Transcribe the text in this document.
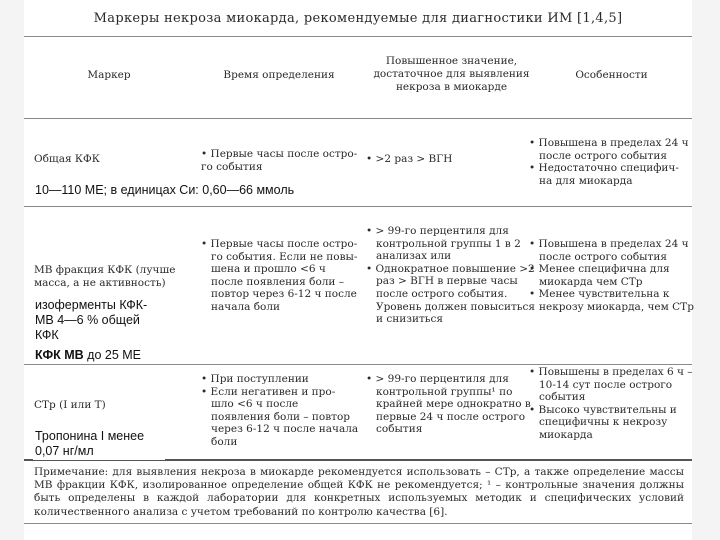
Маркеры некроза миокарда, рекомендуемые для диагностики ИМ [1,4,5]
Маркер	Время определения
Повышенное значение,
достаточное для выявления
некроза в миокарде
Особенности
Общая КФК	• Первые часы после остро-
го события
• >2 раз > ВГН
• Повышена в пределах 24 ч после острого события
• Недостаточно специфич- на для миокарда
МВ фракция КФК (лучше
масса, а не активность)
• Первые часы после остро- го события. Если не повы- шена и прошло <6 ч после появления боли – повтор через 6-12 ч после начала боли
• > 99-го перцентиля для контрольной группы 1 в 2 анализах или
• Однократное повышение >2 раз > ВГН в первые часы после острого события. Уровень должен повыситься и снизиться
• Повышена в пределах 24 ч после острого события
• Менее специфична для миокарда чем СТр
• Менее чувствительна к некрозу миокарда, чем СТр
СТр (I или T)
• При поступлении
• Если негативен и про- шло <6 ч после появления боли – повтор через 6-12 ч после начала боли
• > 99-го перцентиля для контрольной группы¹ по крайней мере однократно в первые 24 ч после острого события
• Повышены в пределах 6 ч – 10-14 сут после острого события
• Высоко чувствительны и специфичны к некрозу миокарда
Примечание: для выявления некроза в миокарде рекомендуется использовать – СТр, а также определение массы МВ фракции КФК, изолированное определение общей КФК не рекомендуется; ¹ – контрольные значения должны быть определены в каждой лаборатории для конкретных используемых методик и специфических условий количественного анализа с учетом требований по контролю качества [6].
10—110 МЕ; в единицах Си: 0,60—66 ммоль
изоферменты КФК-МВ 4—6 % общей КФК
КФК МВ до 25 МЕ
Тропонина I менее 0,07 нг/мл
